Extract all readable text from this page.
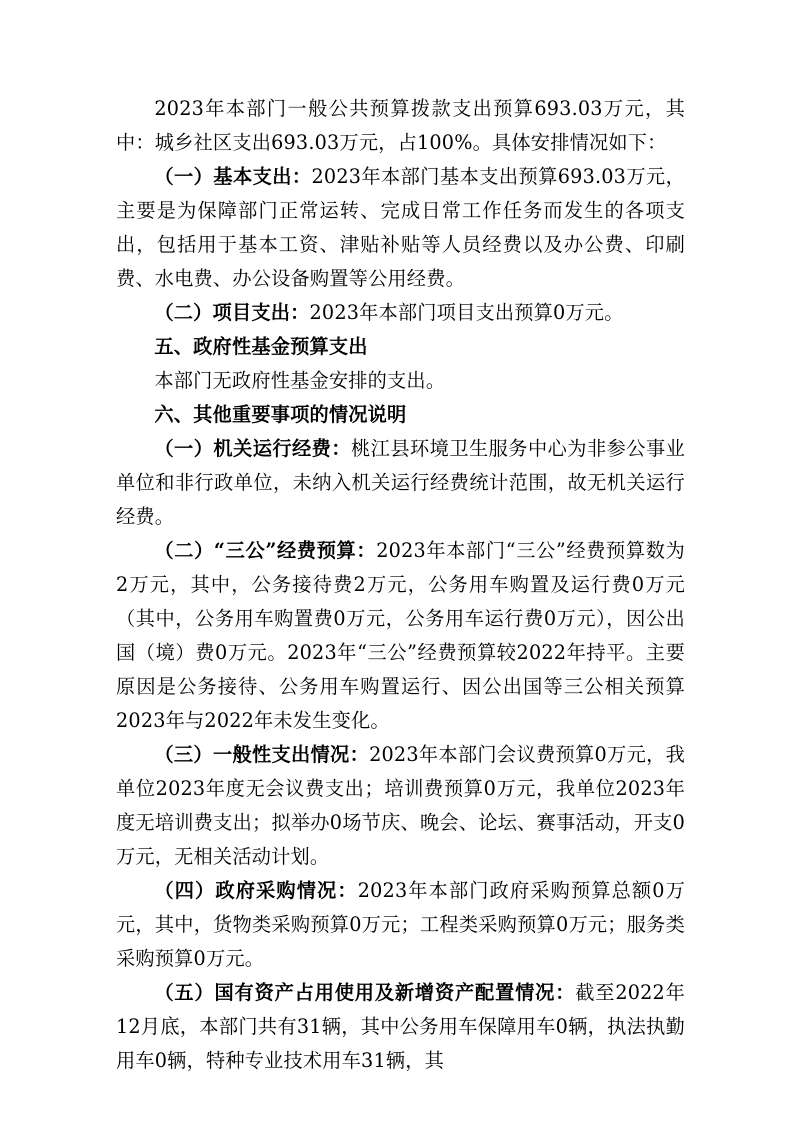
2023年本部门一般公共预算拨款支出预算693.03万元，其中：城乡社区支出693.03万元，占100%。具体安排情况如下：

（一）基本支出：2023年本部门基本支出预算693.03万元，主要是为保障部门正常运转、完成日常工作任务而发生的各项支出，包括用于基本工资、津贴补贴等人员经费以及办公费、印刷费、水电费、办公设备购置等公用经费。

（二）项目支出：2023年本部门项目支出预算0万元。

五、政府性基金预算支出

本部门无政府性基金安排的支出。

六、其他重要事项的情况说明

（一）机关运行经费：桃江县环境卫生服务中心为非参公事业单位和非行政单位，未纳入机关运行经费统计范围，故无机关运行经费。

（二）“三公”经费预算：2023年本部门“三公”经费预算数为2万元，其中，公务接待费2万元，公务用车购置及运行费0万元（其中，公务用车购置费0万元，公务用车运行费0万元），因公出国（境）费0万元。2023年“三公”经费预算较2022年持平。主要原因是公务接待、公务用车购置运行、因公出国等三公相关预算2023年与2022年未发生变化。

（三）一般性支出情况：2023年本部门会议费预算0万元，我单位2023年度无会议费支出；培训费预算0万元，我单位2023年度无培训费支出；拟举办0场节庆、晚会、论坛、赛事活动，开支0万元，无相关活动计划。

（四）政府采购情况：2023年本部门政府采购预算总额0万元，其中，货物类采购预算0万元；工程类采购预算0万元；服务类采购预算0万元。

（五）国有资产占用使用及新增资产配置情况：截至2022年12月底，本部门共有31辆，其中公务用车保障用车0辆，执法执勤用车0辆，特种专业技术用车31辆，其
